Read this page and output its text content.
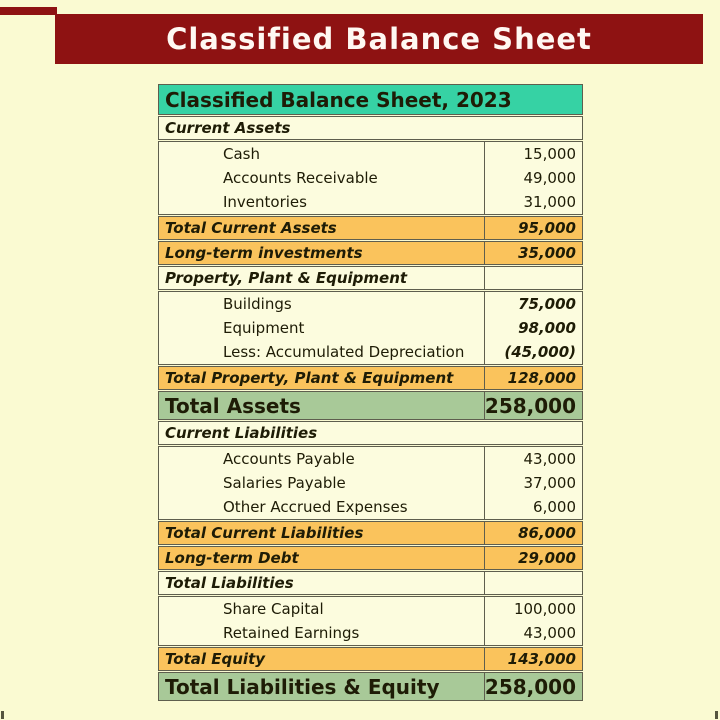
Classified Balance Sheet
Classified Balance Sheet, 2023
Current Assets
Cash	15,000
Accounts Receivable	49,000
Inventories	31,000
Total Current Assets	95,000
Long-term investments	35,000
Property, Plant & Equipment
Buildings	75,000
Equipment	98,000
Less: Accumulated Depreciation	(45,000)
Total Property, Plant & Equipment	128,000
Total Assets	258,000
Current Liabilities
Accounts Payable	43,000
Salaries Payable	37,000
Other Accrued Expenses	6,000
Total Current Liabilities	86,000
Long-term Debt	29,000
Total Liabilities
Share Capital	100,000
Retained Earnings	43,000
Total Equity	143,000
Total Liabilities & Equity	258,000
